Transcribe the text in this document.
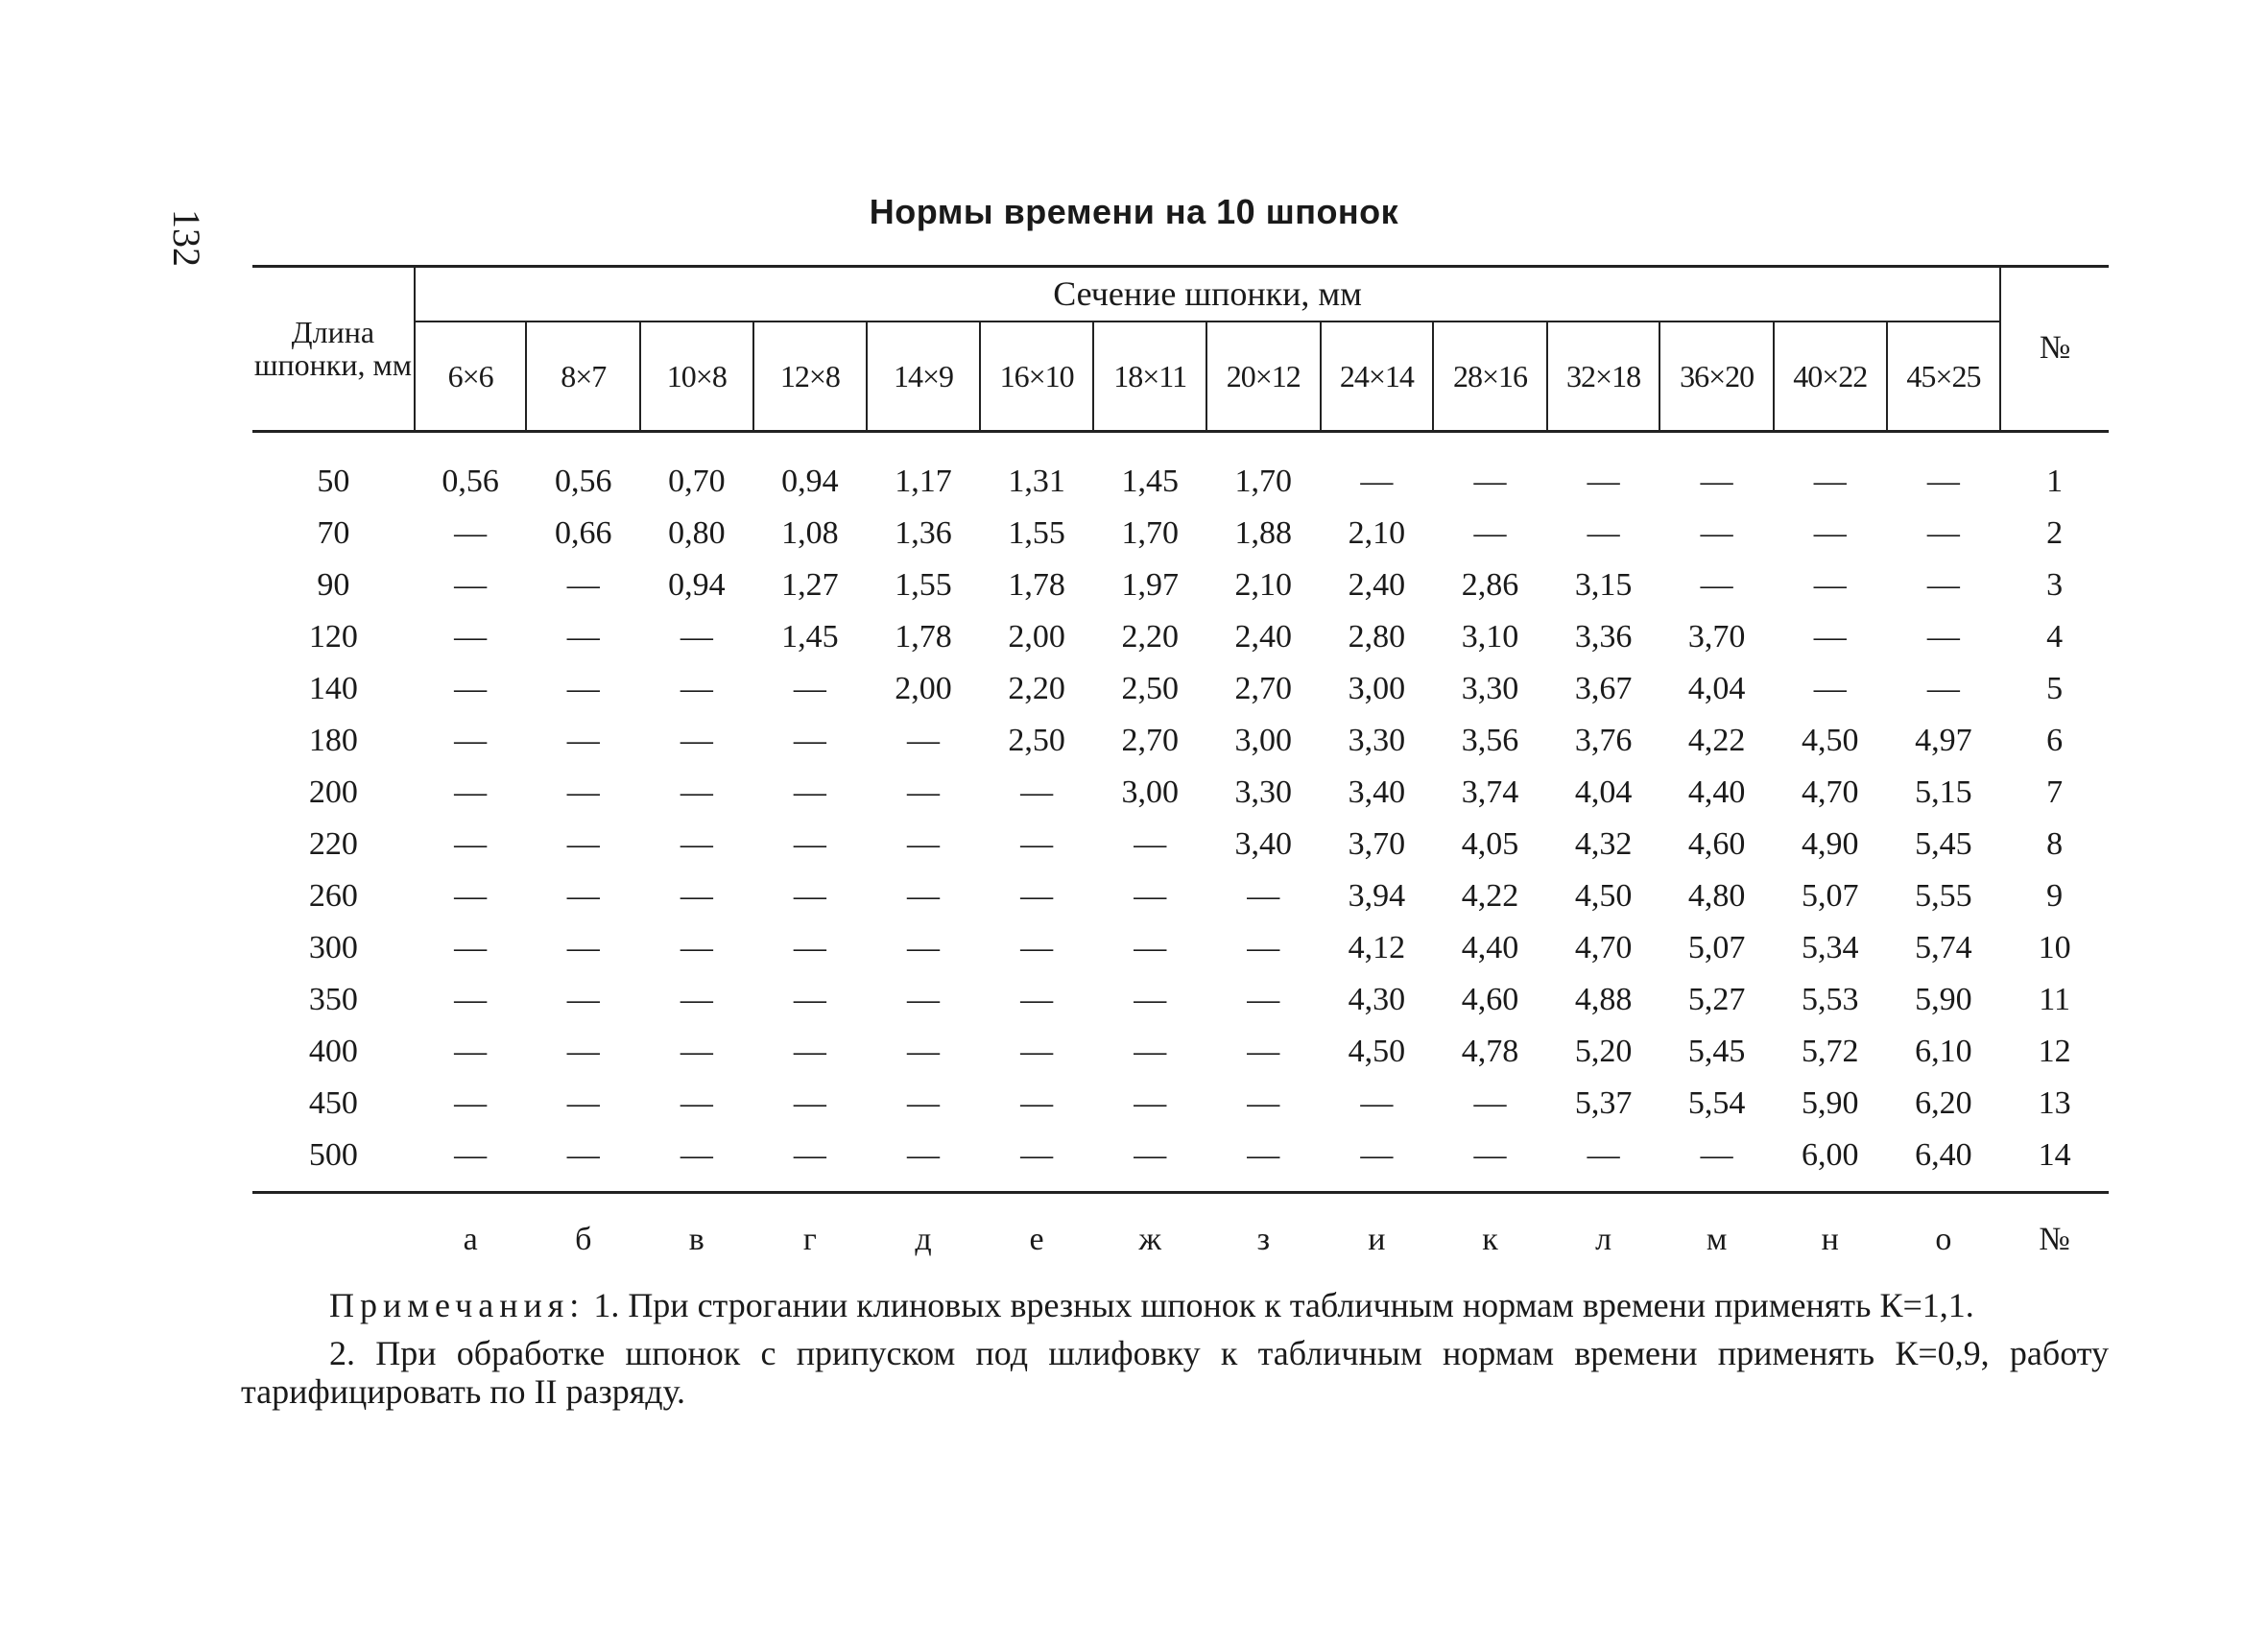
132	Нормы времени на 10 шпонок
Длина шпонки, мм	Сечение шпонки, мм														№
	6×6	8×7	10×8	12×8	14×9	16×10	18×11	20×12	24×14	28×16	32×18	36×20	40×22	45×25	
50	0,56	0,56	0,70	0,94	1,17	1,31	1,45	1,70	—	—	—	—	—	—	1
70	—	0,66	0,80	1,08	1,36	1,55	1,70	1,88	2,10	—	—	—	—	—	2
90	—	—	0,94	1,27	1,55	1,78	1,97	2,10	2,40	2,86	3,15	—	—	—	3
120	—	—	—	1,45	1,78	2,00	2,20	2,40	2,80	3,10	3,36	3,70	—	—	4
140	—	—	—	—	2,00	2,20	2,50	2,70	3,00	3,30	3,67	4,04	—	—	5
180	—	—	—	—	—	2,50	2,70	3,00	3,30	3,56	3,76	4,22	4,50	4,97	6
200	—	—	—	—	—	—	3,00	3,30	3,40	3,74	4,04	4,40	4,70	5,15	7
220	—	—	—	—	—	—	—	3,40	3,70	4,05	4,32	4,60	4,90	5,45	8
260	—	—	—	—	—	—	—	—	3,94	4,22	4,50	4,80	5,07	5,55	9
300	—	—	—	—	—	—	—	—	4,12	4,40	4,70	5,07	5,34	5,74	10
350	—	—	—	—	—	—	—	—	4,30	4,60	4,88	5,27	5,53	5,90	11
400	—	—	—	—	—	—	—	—	4,50	4,78	5,20	5,45	5,72	6,10	12
450	—	—	—	—	—	—	—	—	—	—	5,37	5,54	5,90	6,20	13
500	—	—	—	—	—	—	—	—	—	—	—	—	6,00	6,40	14
	а	б	в	г	д	е	ж	з	и	к	л	м	н	о	№

Примечания: 1. При строгании клиновых врезных шпонок к табличным нормам времени применять К=1,1.

2. При обработке шпонок с припуском под шлифовку к табличным нормам времени применять К=0,9, работу тарифицировать по II разряду.
